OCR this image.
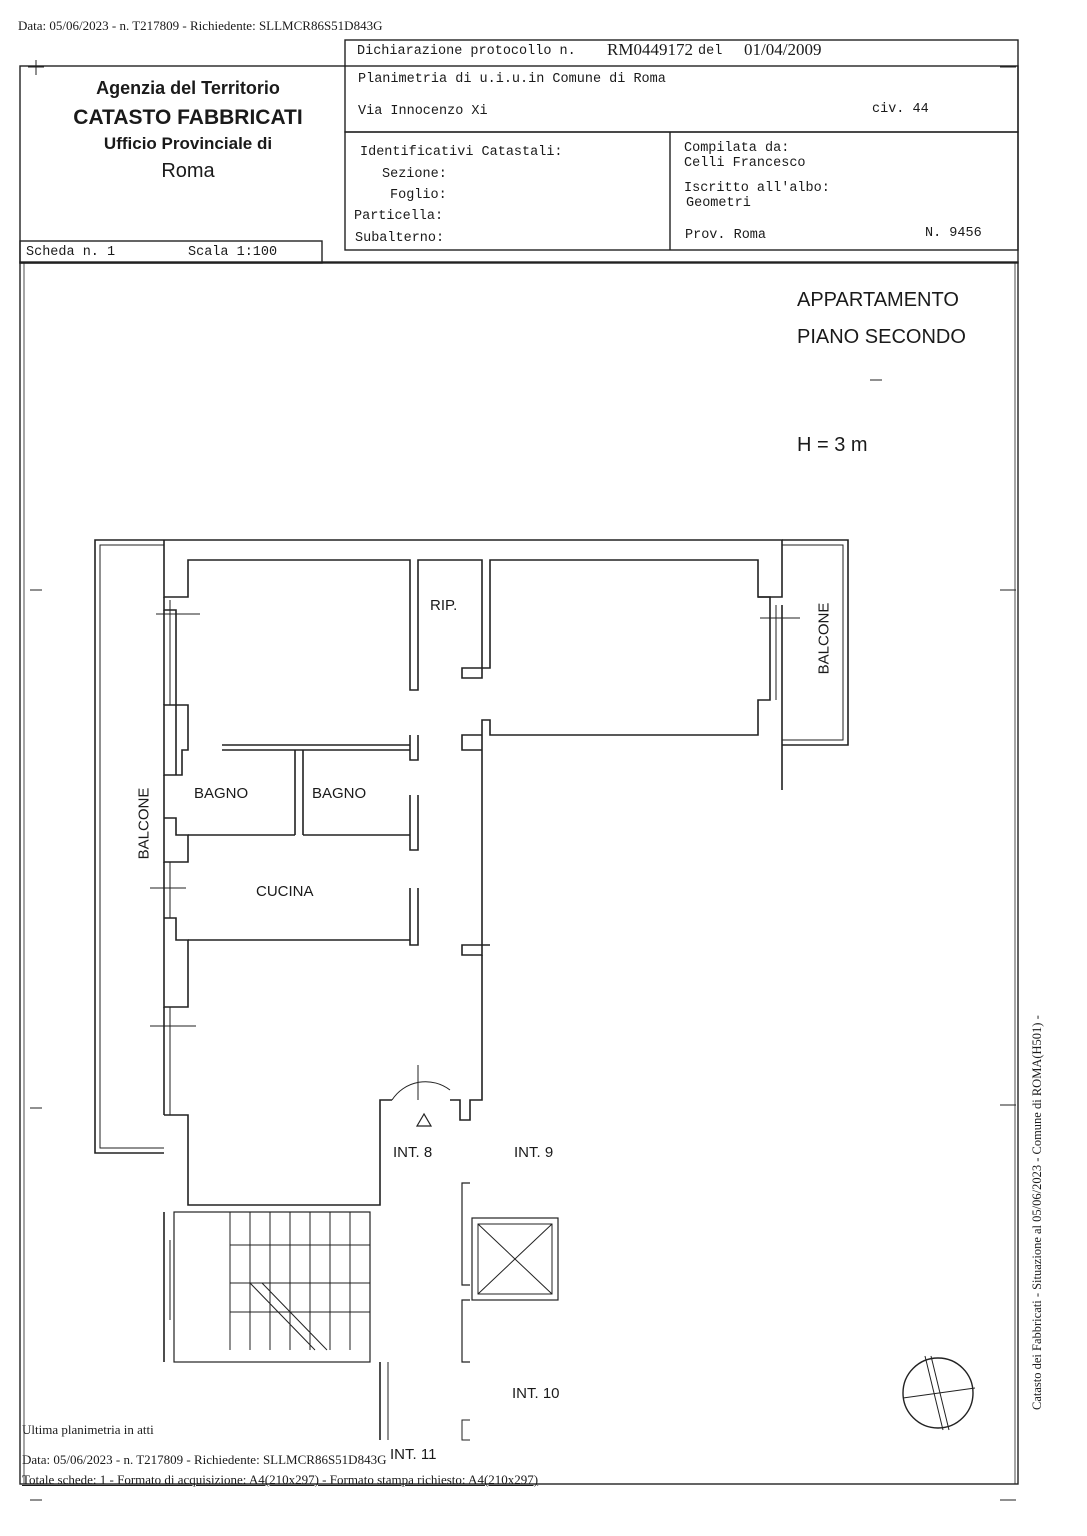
Data: 05/06/2023 - n. T217809 - Richiedente: SLLMCR86S51D843G
Agenzia del Territorio
CATASTO FABBRICATI
Ufficio Provinciale di
Roma
Dichiarazione protocollo n. RM0449172 del 01/04/2009
Planimetria di u.i.u.in Comune di Roma
Via Innocenzo Xi	civ. 44
Identificativi Catastali:
Sezione:
Foglio:
Particella:
Subalterno:
Compilata da:
Celli Francesco
Iscritto all'albo:
Geometri
Prov. Roma	N. 9456
Scheda n. 1	Scala 1:100
APPARTAMENTO
PIANO SECONDO
H = 3 m
RIP.
BAGNO	BAGNO
CUCINA
BALCONE
BALCONE
INT. 8	INT. 9
INT. 10
INT. 11
Ultima planimetria in atti
Data: 05/06/2023 - n. T217809 - Richiedente: SLLMCR86S51D843G
Totale schede: 1 - Formato di acquisizione: A4(210x297) - Formato stampa richiesto: A4(210x297)
Catasto dei Fabbricati - Situazione al 05/06/2023 - Comune di ROMA(H501) -
